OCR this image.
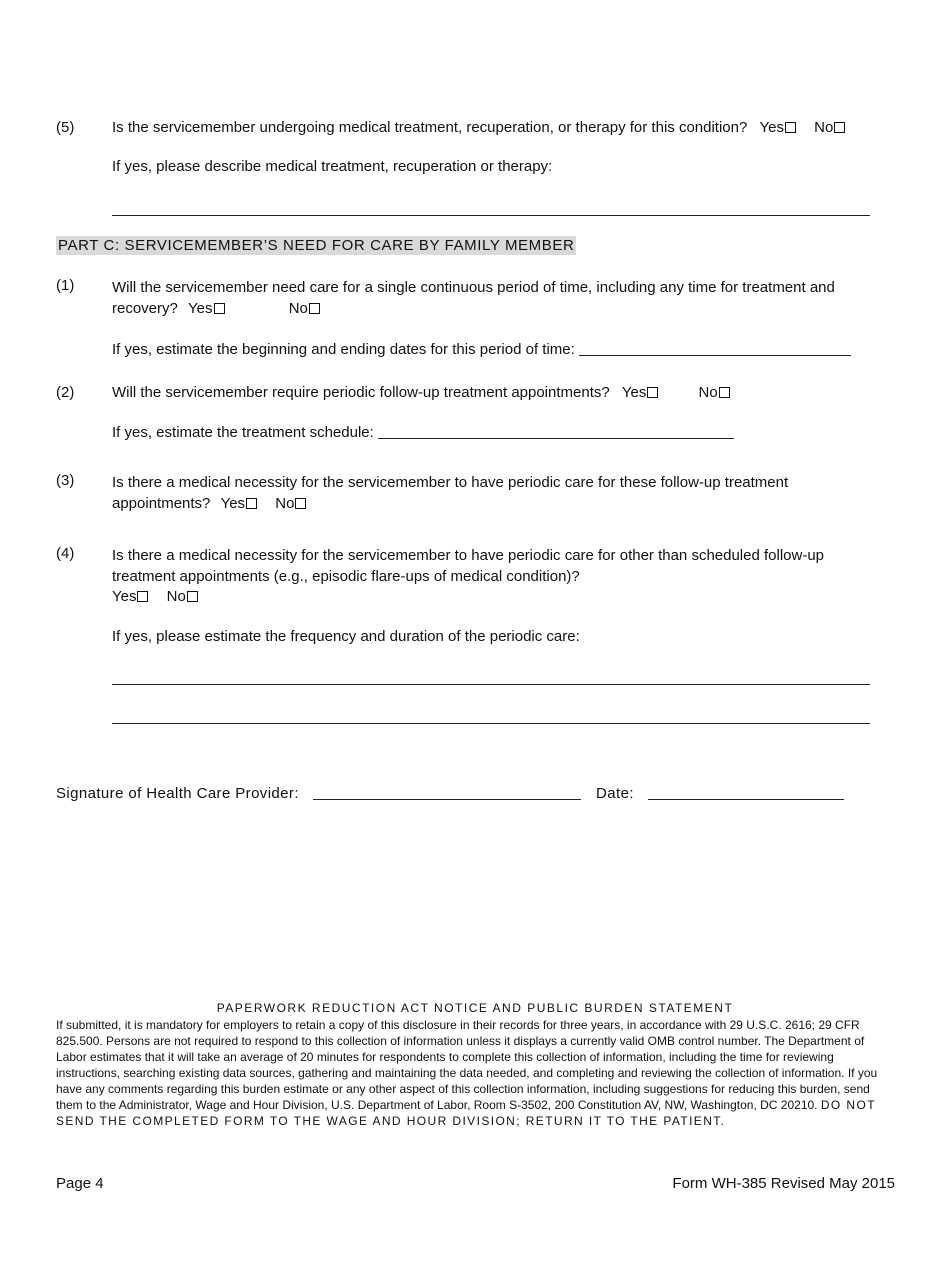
(5)	Is the servicemember undergoing medical treatment, recuperation, or therapy for this condition? Yes No
If yes, please describe medical treatment, recuperation or therapy:
PART C: SERVICEMEMBER’S NEED FOR CARE BY FAMILY MEMBER
(1)	Will the servicemember need care for a single continuous period of time, including any time for treatment and recovery? Yes	No
If yes, estimate the beginning and ending dates for this period of time:
(2)	Will the servicemember require periodic follow-up treatment appointments? Yes	No
If yes, estimate the treatment schedule:
(3)	Is there a medical necessity for the servicemember to have periodic care for these follow-up treatment appointments? Yes No
(4)	Is there a medical necessity for the servicemember to have periodic care for other than scheduled follow-up treatment appointments (e.g., episodic flare-ups of medical condition)?
Yes No
If yes, please estimate the frequency and duration of the periodic care:
Signature of Health Care Provider:	Date:
PAPERWORK REDUCTION ACT NOTICE AND PUBLIC BURDEN STATEMENT
If submitted, it is mandatory for employers to retain a copy of this disclosure in their records for three years, in accordance with 29 U.S.C. 2616; 29 CFR 825.500. Persons are not required to respond to this collection of information unless it displays a currently valid OMB control number. The Department of Labor estimates that it will take an average of 20 minutes for respondents to complete this collection of information, including the time for reviewing instructions, searching existing data sources, gathering and maintaining the data needed, and completing and reviewing the collection of information. If you have any comments regarding this burden estimate or any other aspect of this collection information, including suggestions for reducing this burden, send them to the Administrator, Wage and Hour Division, U.S. Department of Labor, Room S-3502, 200 Constitution AV, NW, Washington, DC 20210. DO NOT SEND THE COMPLETED FORM TO THE WAGE AND HOUR DIVISION; RETURN IT TO THE PATIENT.
Page 4	Form WH-385 Revised May 2015
